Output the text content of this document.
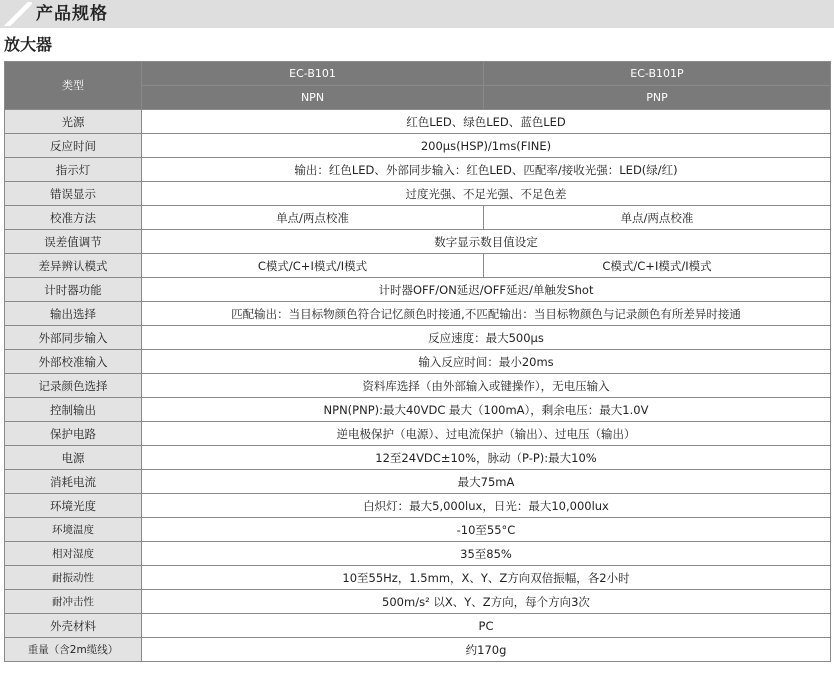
产品规格
放大器
类型	EC-B101	EC-B101P
	NPN	PNP
光源	红色LED、绿色LED、蓝色LED	
反应时间	200μs(HSP)/1ms(FINE)	
指示灯	输出：红色LED、外部同步输入：红色LED、匹配率/接收光强：LED(绿/红)	
错误显示	过度光强、不足光强、不足色差	
校准方法	单点/两点校准	单点/两点校准
误差值调节	数字显示数目值设定	
差异辨认模式	C模式/C+I模式/I模式	C模式/C+I模式/I模式
计时器功能	计时器OFF/ON延迟/OFF延迟/单触发Shot	
输出选择	匹配输出：当目标物颜色符合记忆颜色时接通,不匹配输出：当目标物颜色与记录颜色有所差异时接通	
外部同步输入	反应速度：最大500μs	
外部校准输入	输入反应时间：最小20ms	
记录颜色选择	资料库选择（由外部输入或键操作），无电压输入	
控制输出	NPN(PNP):最大40VDC 最大（100mA），剩余电压：最大1.0V	
保护电路	逆电极保护（电源）、过电流保护（输出）、过电压（输出）	
电源	12至24VDC±10%，脉动（P-P):最大10%	
消耗电流	最大75mA	
环境光度	白炽灯：最大5,000lux，日光：最大10,000lux	
环境温度	-10至55°C	
相对湿度	35至85%	
耐振动性	10至55Hz，1.5mm，X、Y、Z方向双倍振幅，各2小时	
耐冲击性	500m/s² 以X、Y、Z方向，每个方向3次	
外壳材料	PC	
重量（含2m缆线）	约170g	
